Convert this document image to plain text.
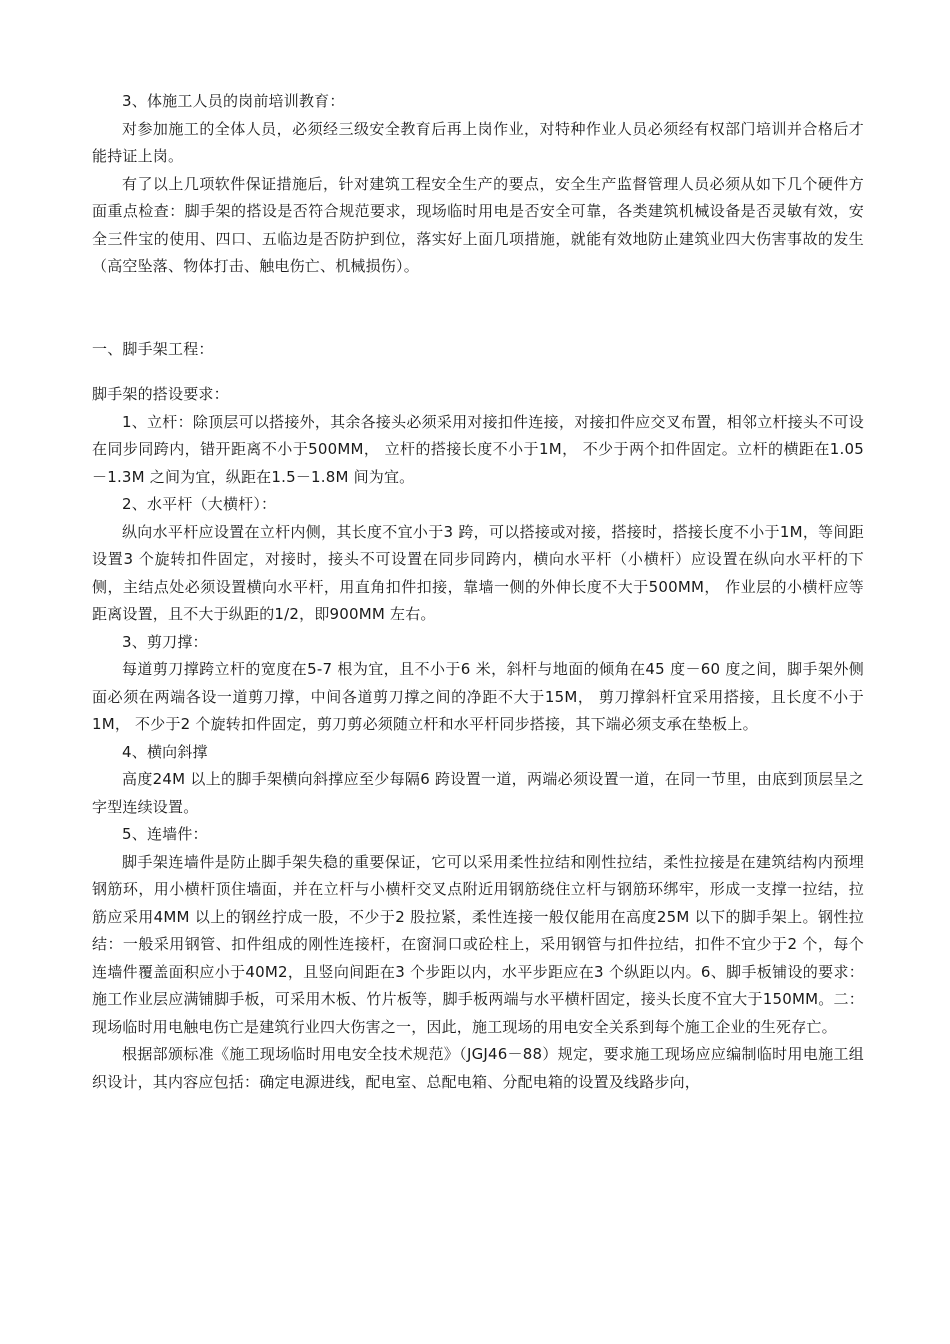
3、体施工人员的岗前培训教育：

对参加施工的全体人员，必须经三级安全教育后再上岗作业，对特种作业人员必须经有权部门培训并合格后才能持证上岗。

有了以上几项软件保证措施后，针对建筑工程安全生产的要点，安全生产监督管理人员必须从如下几个硬件方面重点检查：脚手架的搭设是否符合规范要求，现场临时用电是否安全可靠，各类建筑机械设备是否灵敏有效，安全三件宝的使用、四口、五临边是否防护到位，落实好上面几项措施，就能有效地防止建筑业四大伤害事故的发生（高空坠落、物体打击、触电伤亡、机械损伤）。

一、脚手架工程：

脚手架的搭设要求：

1、立杆：除顶层可以搭接外，其余各接头必须采用对接扣件连接，对接扣件应交叉布置，相邻立杆接头不可设在同步同跨内，错开距离不小于500MM， 立杆的搭接长度不小于1M， 不少于两个扣件固定。立杆的横距在1.05－1.3M 之间为宜，纵距在1.5－1.8M 间为宜。

2、水平杆（大横杆）：

纵向水平杆应设置在立杆内侧，其长度不宜小于3 跨，可以搭接或对接，搭接时，搭接长度不小于1M，等间距设置3 个旋转扣件固定，对接时，接头不可设置在同步同跨内，横向水平杆（小横杆）应设置在纵向水平杆的下侧，主结点处必须设置横向水平杆，用直角扣件扣接，靠墙一侧的外伸长度不大于500MM， 作业层的小横杆应等距离设置，且不大于纵距的1/2，即900MM 左右。

3、剪刀撑：

每道剪刀撑跨立杆的宽度在5-7 根为宜，且不小于6 米，斜杆与地面的倾角在45 度－60 度之间，脚手架外侧面必须在两端各设一道剪刀撑，中间各道剪刀撑之间的净距不大于15M， 剪刀撑斜杆宜采用搭接，且长度不小于1M， 不少于2 个旋转扣件固定，剪刀剪必须随立杆和水平杆同步搭接，其下端必须支承在垫板上。

4、横向斜撑

高度24M 以上的脚手架横向斜撑应至少每隔6 跨设置一道，两端必须设置一道，在同一节里，由底到顶层呈之字型连续设置。

5、连墙件：

脚手架连墙件是防止脚手架失稳的重要保证，它可以采用柔性拉结和刚性拉结，柔性拉接是在建筑结构内预埋钢筋环，用小横杆顶住墙面，并在立杆与小横杆交叉点附近用钢筋绕住立杆与钢筋环绑牢，形成一支撑一拉结，拉筋应采用4MM 以上的钢丝拧成一股，不少于2 股拉紧，柔性连接一般仅能用在高度25M 以下的脚手架上。钢性拉结：一般采用钢管、扣件组成的刚性连接杆，在窗洞口或砼柱上，采用钢管与扣件拉结，扣件不宜少于2 个，每个连墙件覆盖面积应小于40M2，且竖向间距在3 个步距以内，水平步距应在3 个纵距以内。6、脚手板铺设的要求：施工作业层应满铺脚手板，可采用木板、竹片板等，脚手板两端与水平横杆固定，接头长度不宜大于150MM。二：现场临时用电触电伤亡是建筑行业四大伤害之一，因此，施工现场的用电安全关系到每个施工企业的生死存亡。

根据部颁标准《施工现场临时用电安全技术规范》（JGJ46－88）规定，要求施工现场应应编制临时用电施工组织设计，其内容应包括：确定电源进线，配电室、总配电箱、分配电箱的设置及线路步向，
